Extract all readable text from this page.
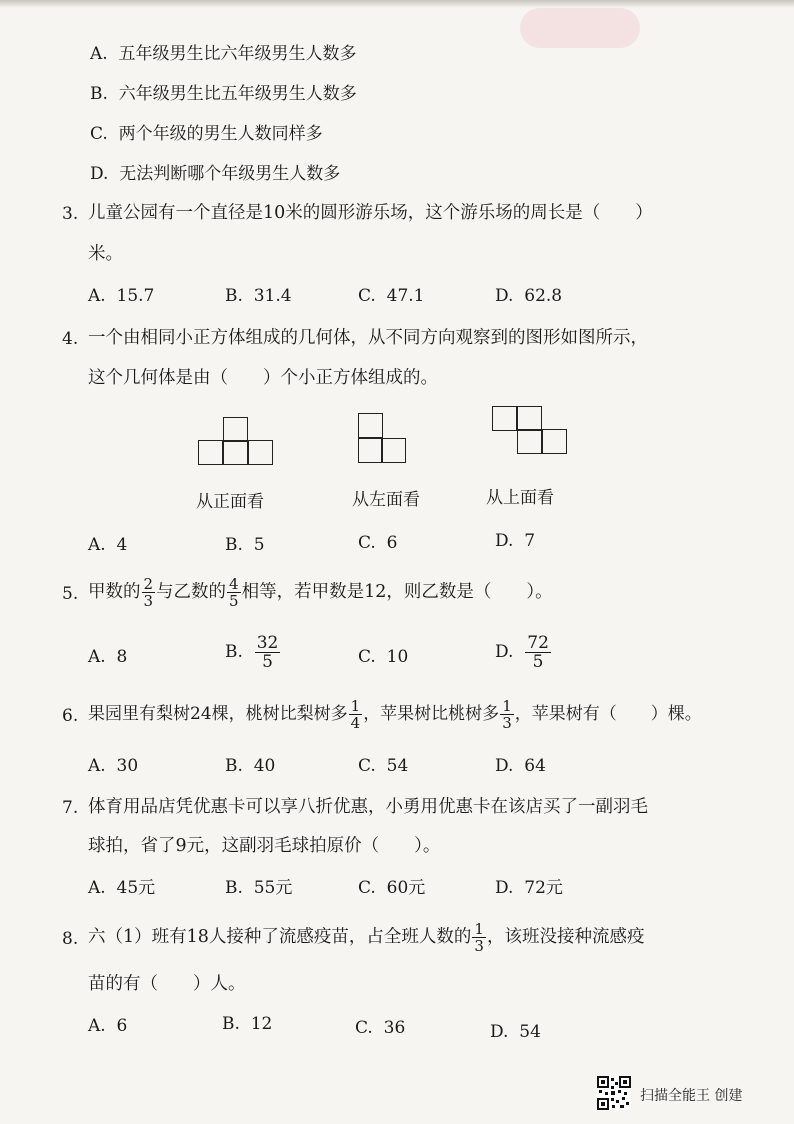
A. 五年级男生比六年级男生人数多
B. 六年级男生比五年级男生人数多
C. 两个年级的男生人数同样多
D. 无法判断哪个年级男生人数多
3. 儿童公园有一个直径是10米的圆形游乐场，这个游乐场的周长是（　　）
米。
A. 15.7	B. 31.4	C. 47.1	D. 62.8
4. 一个由相同小正方体组成的几何体，从不同方向观察到的图形如图所示，
这个几何体是由（　　）个小正方体组成的。
从正面看	从左面看	从上面看
A. 4	B. 5	C. 6	D. 7
5. 甲数的 $\frac{2}{3}$ 与乙数的 $\frac{4}{5}$ 相等，若甲数是12，则乙数是（　　）。
A. 8	B. $\frac{32}{5}$	C. 10	D. $\frac{72}{5}$
6. 果园里有梨树24棵，桃树比梨树多 $\frac{1}{4}$ ，苹果树比桃树多 $\frac{1}{3}$ ，苹果树有（　　）棵。
A. 30	B. 40	C. 54	D. 64
7. 体育用品店凭优惠卡可以享八折优惠，小勇用优惠卡在该店买了一副羽毛
球拍，省了9元，这副羽毛球拍原价（　　）。
A. 45元	B. 55元	C. 60元	D. 72元
8. 六（1）班有18人接种了流感疫苗，占全班人数的 $\frac{1}{3}$ ，该班没接种流感疫
苗的有（　　）人。
A. 6	B. 12	C. 36	D. 54
扫描全能王 创建
